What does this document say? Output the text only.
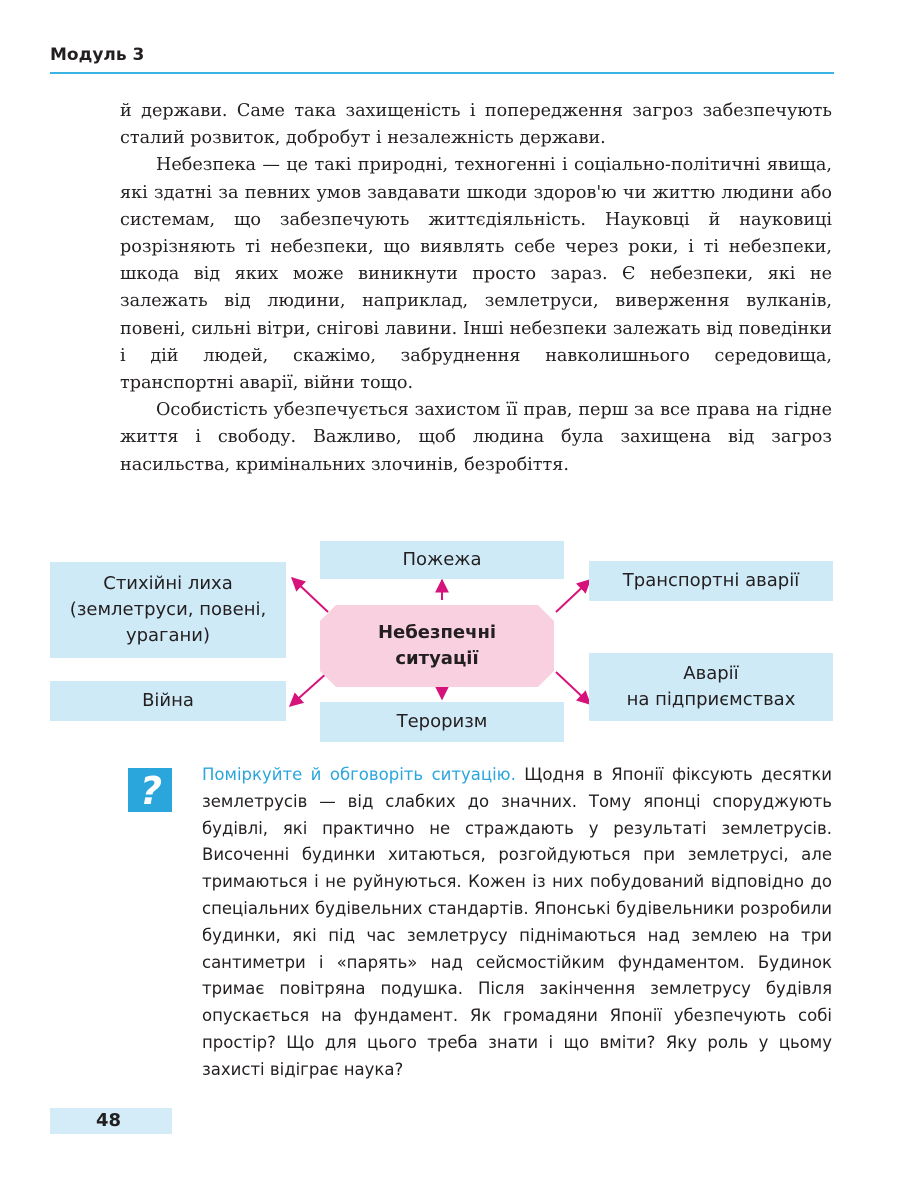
Модуль 3

й держави. Саме така захищеність і попередження загроз забезпечують сталий розвиток, добробут і незалежність держави.

Небезпека — це такі природні, техногенні і соціально-політичні явища, які здатні за певних умов завдавати шкоди здоров'ю чи життю людини або системам, що забезпечують життєдіяльність. Науковці й науковиці розрізняють ті небезпеки, що виявлять себе через роки, і ті небезпеки, шкода від яких може виникнути просто зараз. Є небезпеки, які не залежать від людини, наприклад, землетруси, виверження вулканів, повені, сильні вітри, снігові лавини. Інші небезпеки залежать від поведінки і дій людей, скажімо, забруднення навколишнього середовища, транспортні аварії, війни тощо.

Особистість убезпечується захистом її прав, перш за все права на гідне життя і свободу. Важливо, щоб людина була захищена від загроз насильства, кримінальних злочинів, безробіття.

Стихійні лиха
(землетруси, повені,
урагани)
Пожежа
Транспортні аварії
Війна
Тероризм
Аварії
на підприємствах
Небезпечні
ситуації
? Поміркуйте й обговоріть ситуацію. Щодня в Японії фіксують десятки землетрусів — від слабких до значних. Тому японці споруджують будівлі, які практично не страждають у результаті землетрусів. Височенні будинки хитаються, розгойдуються при землетрусі, але тримаються і не руйнуються. Кожен із них побудований відповідно до спеціальних будівельних стандартів. Японські будівельники розробили будинки, які під час землетрусу піднімаються над землею на три сантиметри і «парять» над сейсмостійким фундаментом. Будинок тримає повітряна подушка. Після закінчення землетрусу будівля опускається на фундамент. Як громадяни Японії убезпечують собі простір? Що для цього треба знати і що вміти? Яку роль у цьому захисті відіграє наука?
48
